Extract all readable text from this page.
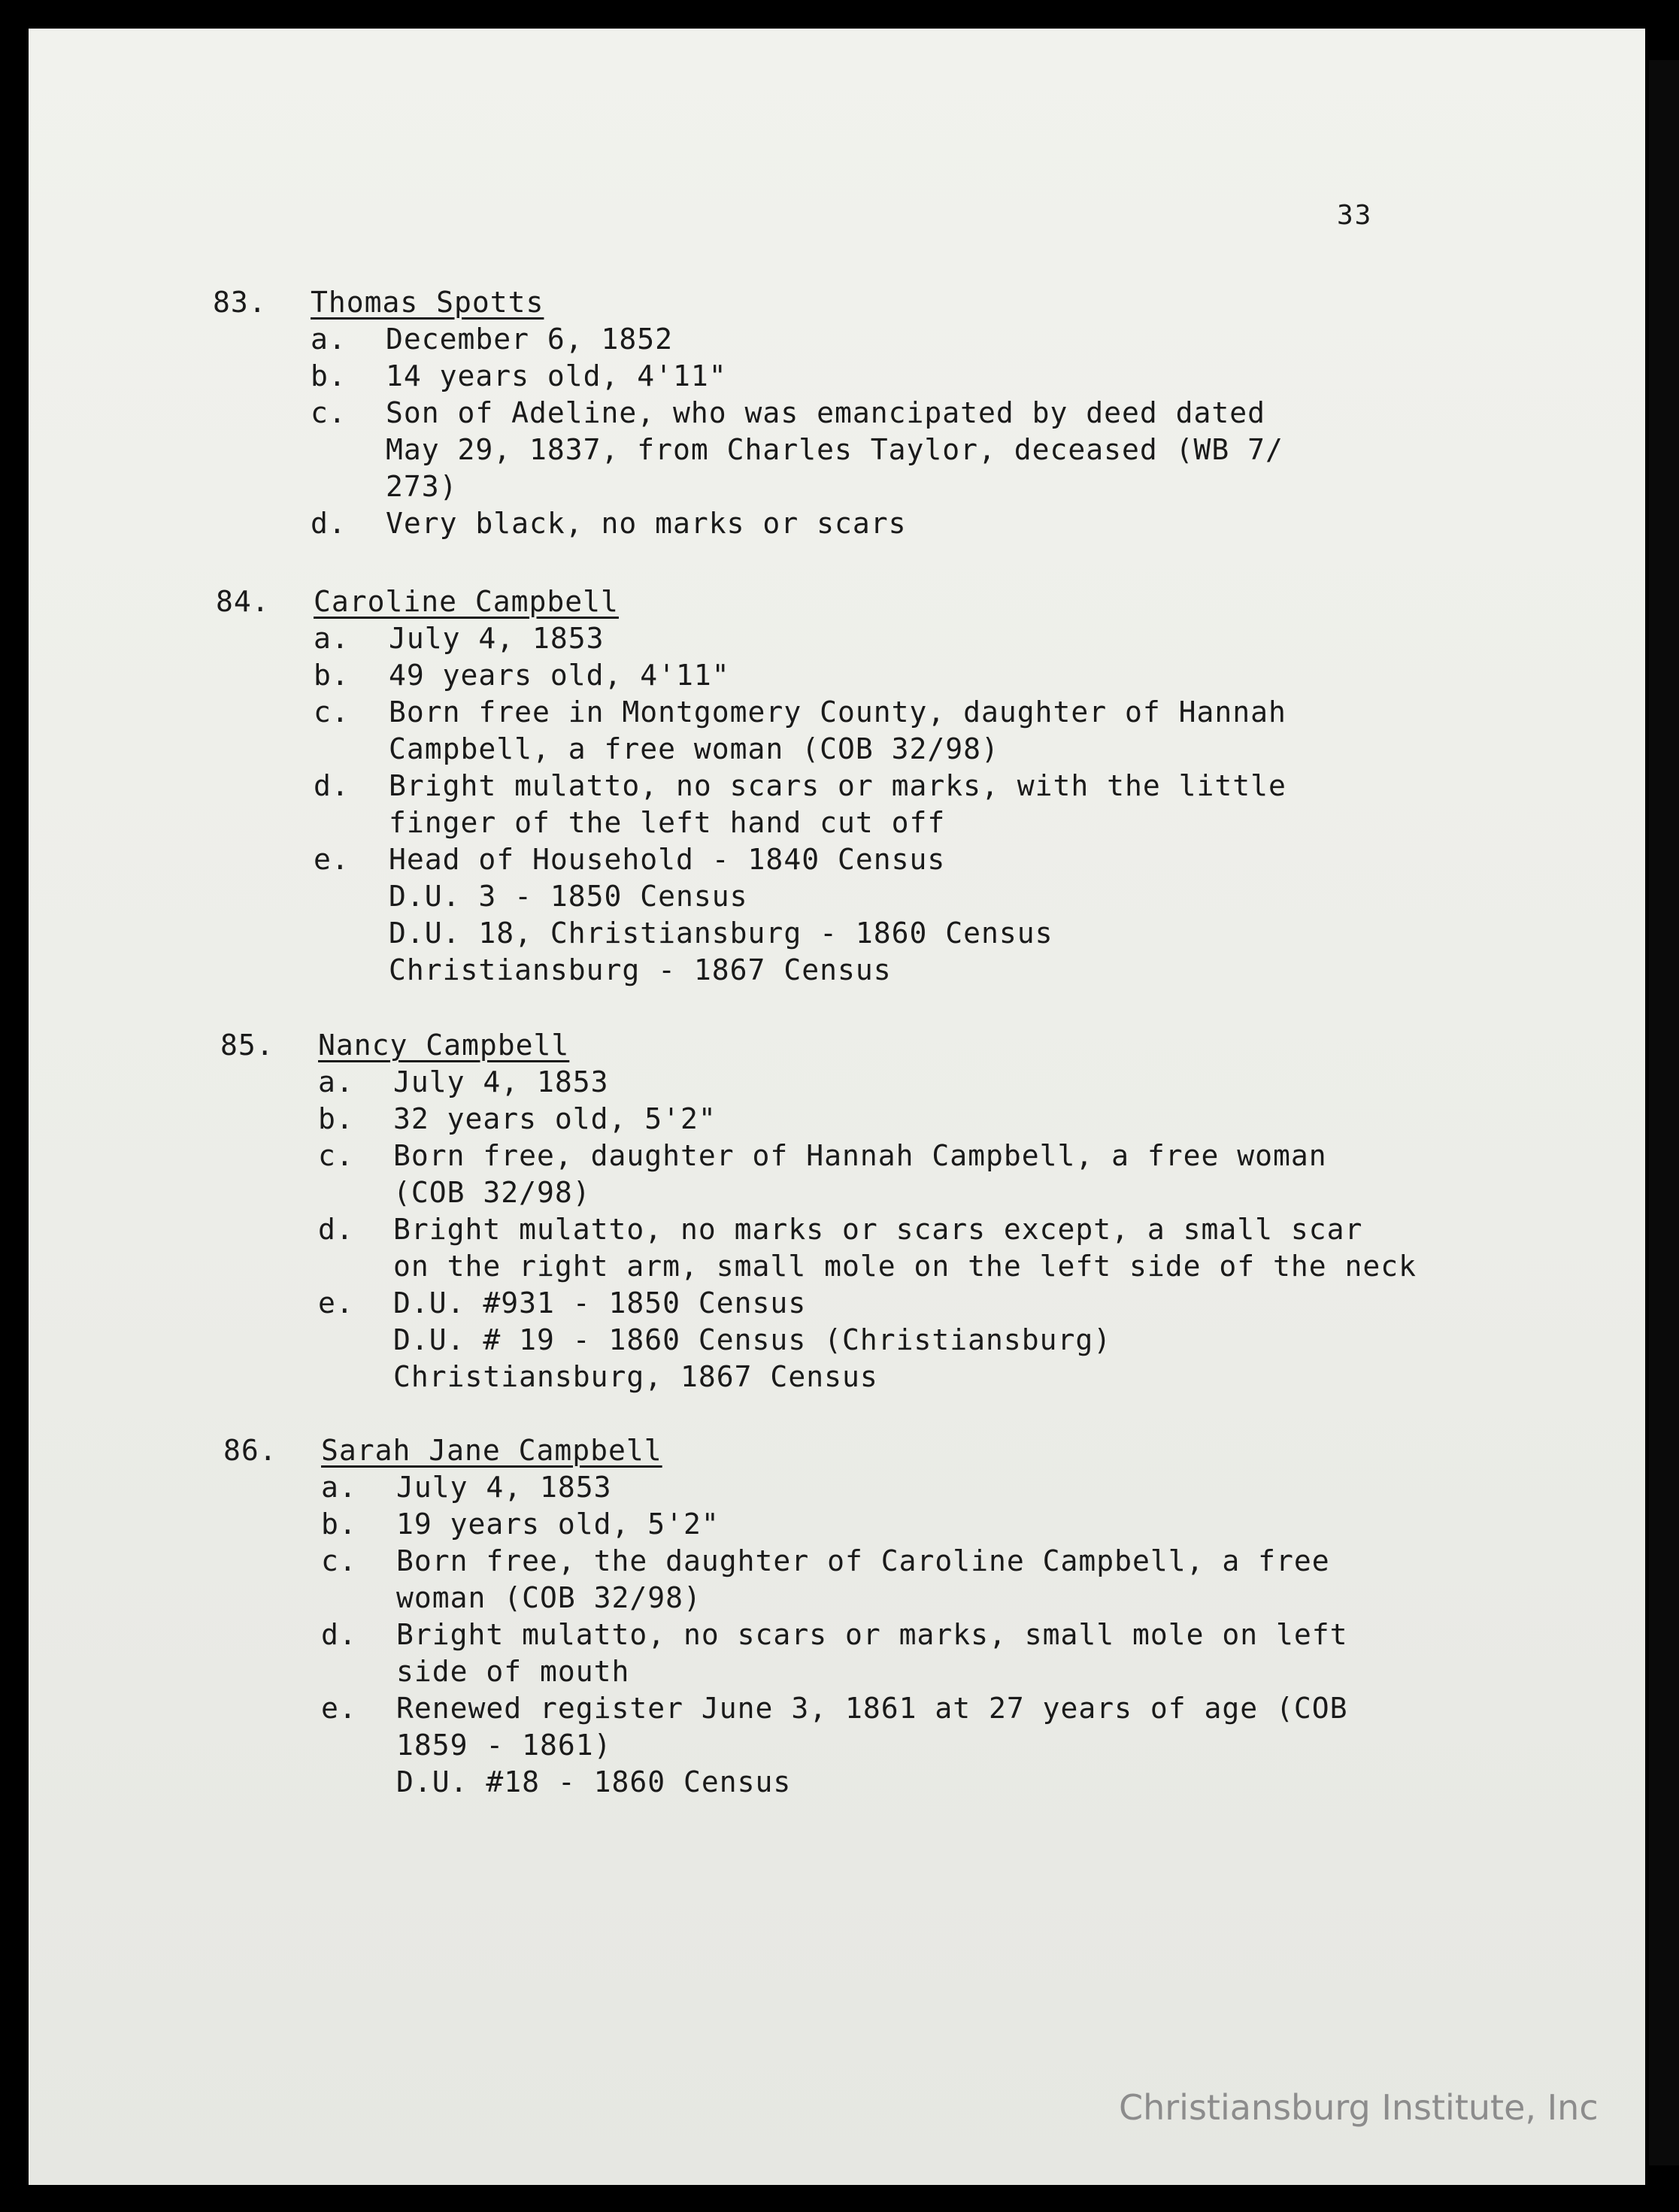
33
83. Thomas Spotts
a. December 6, 1852
b. 14 years old, 4'11"
c. Son of Adeline, who was emancipated by deed dated
May 29, 1837, from Charles Taylor, deceased (WB 7/
273)
d. Very black, no marks or scars
84. Caroline Campbell
a. July 4, 1853
b. 49 years old, 4'11"
c. Born free in Montgomery County, daughter of Hannah
Campbell, a free woman (COB 32/98)
d. Bright mulatto, no scars or marks, with the little
finger of the left hand cut off
e. Head of Household - 1840 Census
D.U. 3 - 1850 Census
D.U. 18, Christiansburg - 1860 Census
Christiansburg - 1867 Census
85. Nancy Campbell
a. July 4, 1853
b. 32 years old, 5'2"
c. Born free, daughter of Hannah Campbell, a free woman
(COB 32/98)
d. Bright mulatto, no marks or scars except, a small scar
on the right arm, small mole on the left side of the neck
e. D.U. #931 - 1850 Census
D.U. # 19 - 1860 Census (Christiansburg)
Christiansburg, 1867 Census
86. Sarah Jane Campbell
a. July 4, 1853
b. 19 years old, 5'2"
c. Born free, the daughter of Caroline Campbell, a free
woman (COB 32/98)
d. Bright mulatto, no scars or marks, small mole on left
side of mouth
e. Renewed register June 3, 1861 at 27 years of age (COB
1859 - 1861)
D.U. #18 - 1860 Census
Christiansburg Institute, Inc
